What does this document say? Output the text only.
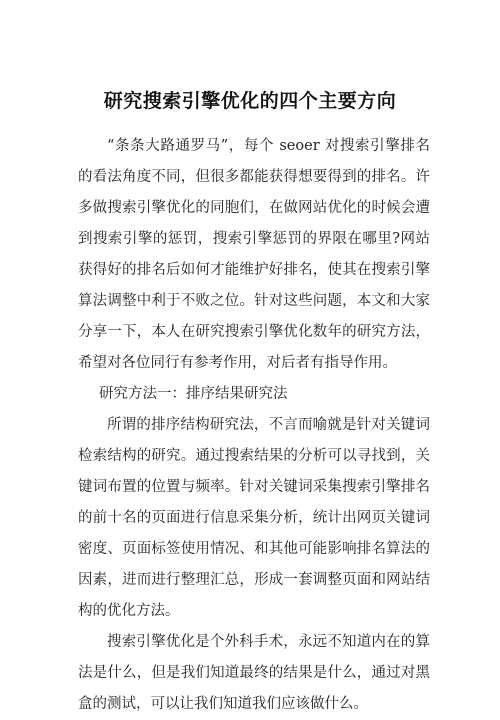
研究搜索引擎优化的四个主要方向

“条条大路通罗马”，每个 seoer 对搜索引擎排名的看法角度不同，但很多都能获得想要得到的排名。许多做搜索引擎优化的同胞们，在做网站优化的时候会遭到搜索引擎的惩罚，搜索引擎惩罚的界限在哪里?网站获得好的排名后如何才能维护好排名，使其在搜索引擎算法调整中利于不败之位。针对这些问题，本文和大家分享一下，本人在研究搜索引擎优化数年的研究方法，希望对各位同行有参考作用，对后者有指导作用。

研究方法一：排序结果研究法

所谓的排序结构研究法，不言而喻就是针对关键词检索结构的研究。通过搜索结果的分析可以寻找到，关键词布置的位置与频率。针对关键词采集搜索引擎排名的前十名的页面进行信息采集分析，统计出网页关键词密度、页面标签使用情况、和其他可能影响排名算法的因素，进而进行整理汇总，形成一套调整页面和网站结构的优化方法。

搜索引擎优化是个外科手术，永远不知道内在的算法是什么，但是我们知道最终的结果是什么，通过对黑盒的测试，可以让我们知道我们应该做什么。
